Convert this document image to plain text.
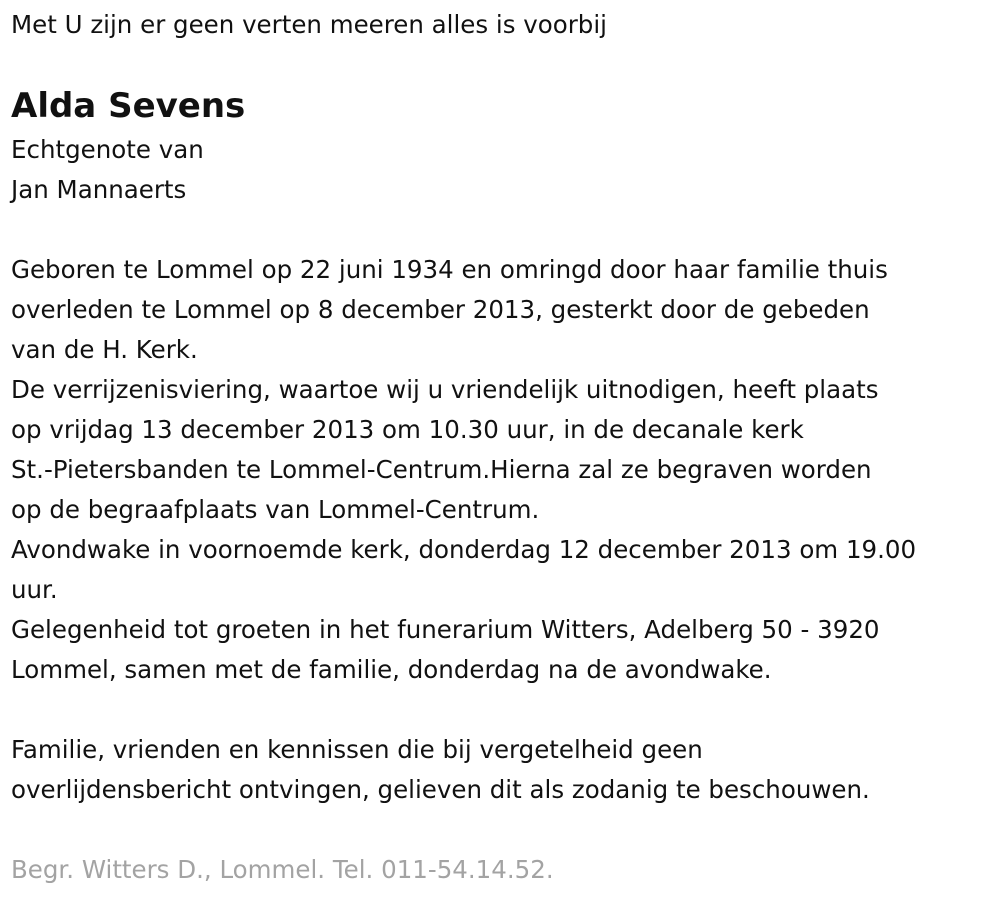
Met U zijn er geen verten meeren alles is voorbij
Alda Sevens
Echtgenote van
Jan Mannaerts
Geboren te Lommel op 22 juni 1934 en omringd door haar familie thuis
overleden te Lommel op 8 december 2013, gesterkt door de gebeden
van de H. Kerk.
De verrijzenisviering, waartoe wij u vriendelijk uitnodigen, heeft plaats
op vrijdag 13 december 2013 om 10.30 uur, in de decanale kerk
St.-Pietersbanden te Lommel-Centrum.Hierna zal ze begraven worden
op de begraafplaats van Lommel-Centrum.
Avondwake in voornoemde kerk, donderdag 12 december 2013 om 19.00
uur.
Gelegenheid tot groeten in het funerarium Witters, Adelberg 50 - 3920
Lommel, samen met de familie, donderdag na de avondwake.
Familie, vrienden en kennissen die bij vergetelheid geen
overlijdensbericht ontvingen, gelieven dit als zodanig te beschouwen.
Begr. Witters D., Lommel. Tel. 011-54.14.52.
